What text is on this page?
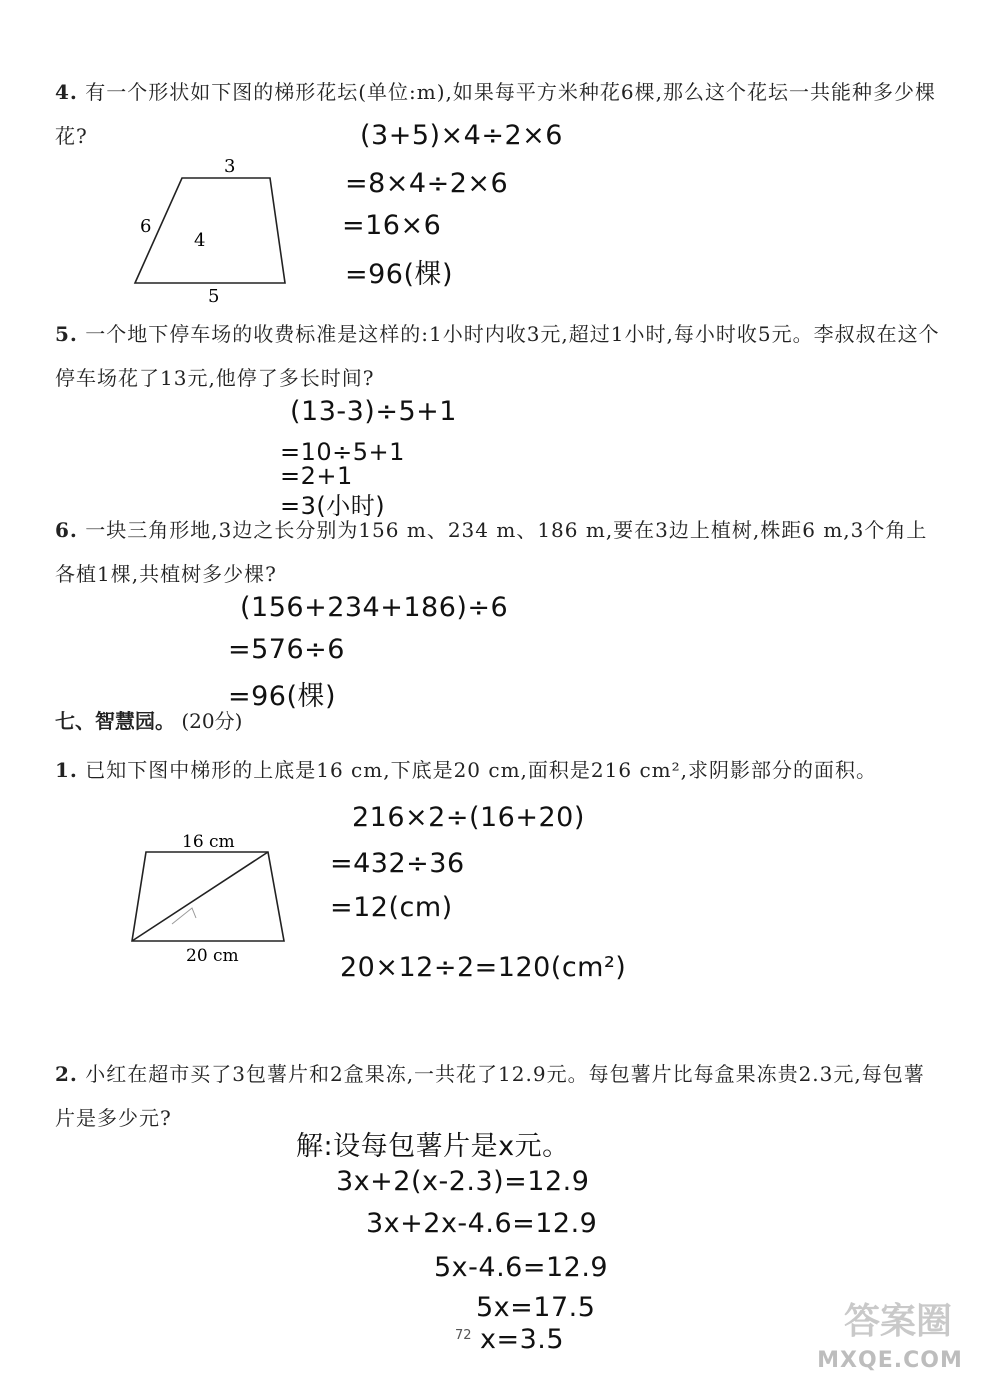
4. 有一个形状如下图的梯形花坛(单位:m),如果每平方米种花6棵,那么这个花坛一共能种多少棵花?
3
6
4
5
(3+5)×4÷2×6
=8×4÷2×6
=16×6
=96(棵)
5. 一个地下停车场的收费标准是这样的:1小时内收3元,超过1小时,每小时收5元。李叔叔在这个停车场花了13元,他停了多长时间?
(13-3)÷5+1
=10÷5+1
=2+1
=3(小时)
6. 一块三角形地,3边之长分别为156 m、234 m、186 m,要在3边上植树,株距6 m,3个角上各植1棵,共植树多少棵?
(156+234+186)÷6
=576÷6
=96(棵)
七、智慧园。 (20分)
1. 已知下图中梯形的上底是16 cm,下底是20 cm,面积是216 cm²,求阴影部分的面积。
16 cm
20 cm
216×2÷(16+20)
=432÷36
=12(cm)
20×12÷2=120(cm²)
2. 小红在超市买了3包薯片和2盒果冻,一共花了12.9元。每包薯片比每盒果冻贵2.3元,每包薯片是多少元?
解:设每包薯片是x元。
3x+2(x-2.3)=12.9
3x+2x-4.6=12.9
5x-4.6=12.9
5x=17.5
x=3.5
72	答案圈
MXQE.COM
